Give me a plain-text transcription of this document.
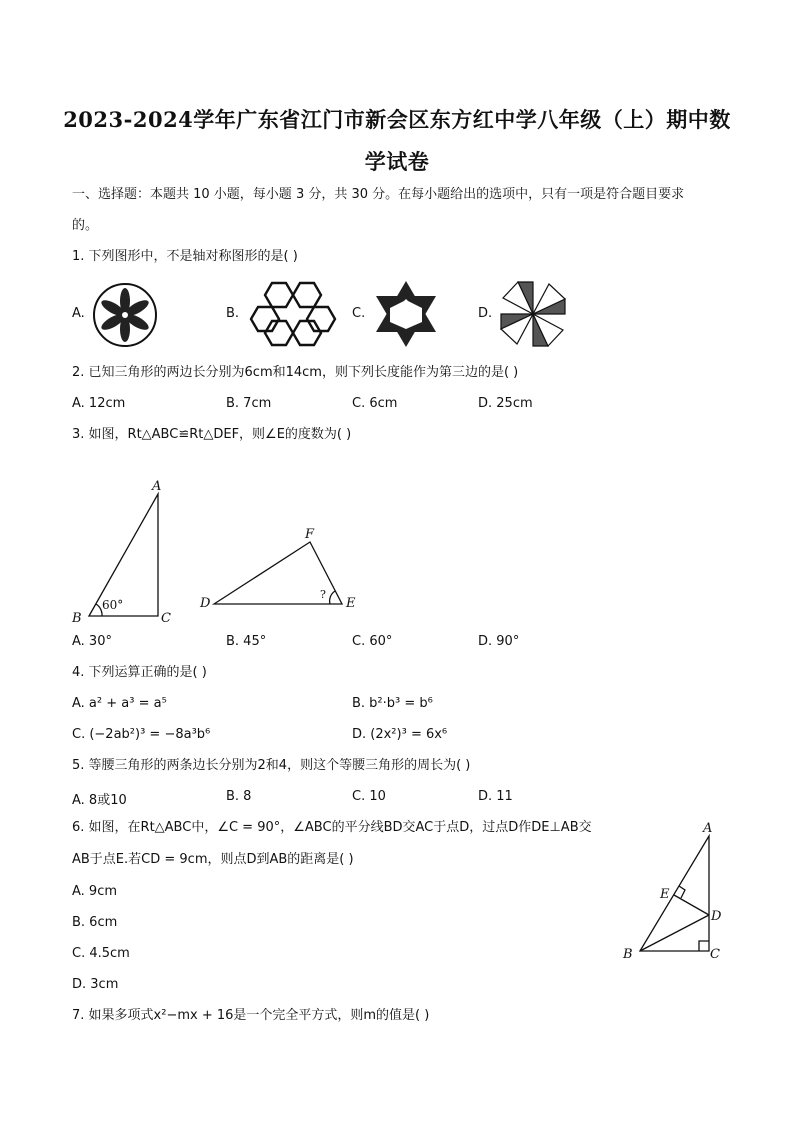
2023-2024学年广东省江门市新会区东方红中学八年级（上）期中数
学试卷
一、选择题：本题共 10 小题，每小题 3 分，共 30 分。在每小题给出的选项中，只有一项是符合题目要求
的。
1. 下列图形中，不是轴对称图形的是( )
A.	B.	C.	D.
2. 已知三角形的两边长分别为6cm和14cm，则下列长度能作为第三边的是( )
A. 12cm	B. 7cm	C. 6cm	D. 25cm
3. 如图，Rt△ABC≌Rt△DEF，则∠E的度数为( )
A
B	C
D	E
F
60°
?
A. 30°	B. 45°	C. 60°	D. 90°
4. 下列运算正确的是( )
A. a² + a³ = a⁵	B. b²·b³ = b⁶
C. (−2ab²)³ = −8a³b⁶	D. (2x²)³ = 6x⁶
5. 等腰三角形的两条边长分别为2和4，则这个等腰三角形的周长为( )
A. 8或10	B. 8	C. 10	D. 11
6. 如图，在Rt△ABC中，∠C = 90°，∠ABC的平分线BD交AC于点D，过点D作DE⊥AB交
AB于点E.若CD = 9cm，则点D到AB的距离是( )
A. 9cm
B. 6cm
C. 4.5cm
D. 3cm
A
B	C
D
E
7. 如果多项式x²−mx + 16是一个完全平方式，则m的值是( )
